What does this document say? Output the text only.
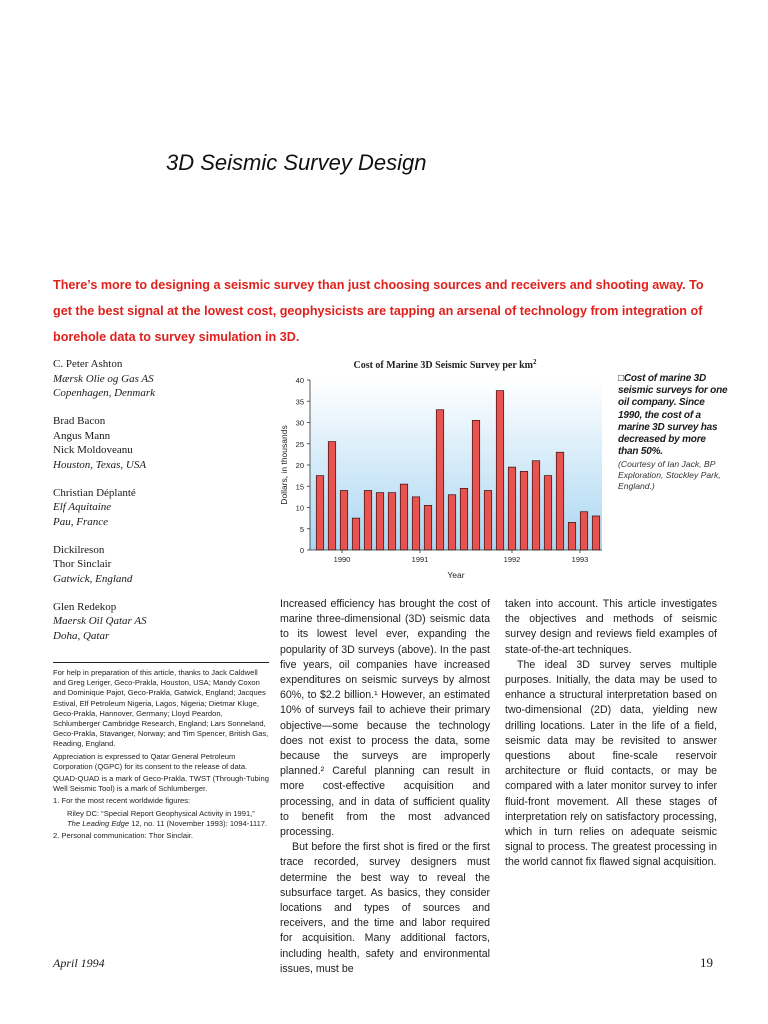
3D Seismic Survey Design
There’s more to designing a seismic survey than just choosing sources and receivers and shooting away. To
get the best signal at the lowest cost, geophysicists are tapping an arsenal of technology from integration of
borehole data to survey simulation in 3D.
C. Peter Ashton
Mærsk Olie og Gas AS
Copenhagen, Denmark
Brad Bacon
Angus Mann
Nick Moldoveanu
Houston, Texas, USA
Christian Déplanté
Elf Aquitaine
Pau, France
Dickilreson
Thor Sinclair
Gatwick, England
Glen Redekop
Maersk Oil Qatar AS
Doha, Qatar
For help in preparation of this article, thanks to Jack Caldwell and Greg Leriger, Geco-Prakla, Houston, USA; Mandy Coxon and Dominique Pajot, Geco-Prakla, Gatwick, England; Jacques Estival, Elf Petroleum Nigeria, Lagos, Nigeria; Dietmar Kluge, Geco-Prakla, Hannover, Germany; Lloyd Peardon, Schlumberger Cambridge Research, England; Lars Sonneland, Geco-Prakla, Stavanger, Norway; and Tim Spencer, British Gas, Reading, England.
Appreciation is expressed to Qatar General Petroleum Corporation (QGPC) for its consent to the release of data.
QUAD-QUAD is a mark of Geco-Prakla. TWST (Through-Tubing Well Seismic Tool) is a mark of Schlumberger.
1. For the most recent worldwide figures:
Riley DC: “Special Report Geophysical Activity in 1991,” The Leading Edge 12, no. 11 (November 1993): 1094-1117.
2. Personal communication: Thor Sinclair.
Cost of Marine 3D Seismic Survey per $km^2$
0
5
10
15
20
25
30
35
40
1990	1991	1992	1993
Dollars, in thousands
Year
□Cost of marine 3D seismic surveys for one oil company. Since 1990, the cost of a marine 3D survey has decreased by more than 50%.
(Courtesy of Ian Jack, BP Exploration, Stockley Park, England.)

Increased efficiency has brought the cost of marine three-dimensional (3D) seismic data to its lowest level ever, expanding the popularity of 3D surveys (above). In the past five years, oil companies have increased expenditures on seismic surveys by almost 60%, to $2.2 billion.¹ However, an estimated 10% of surveys fail to achieve their primary objective—some because the technology does not exist to process the data, some because the surveys are improperly planned.² Careful planning can result in more cost-effective acquisition and processing, and in data of sufficient quality to benefit from the most advanced processing.

But before the first shot is fired or the first trace recorded, survey designers must determine the best way to reveal the subsurface target. As basics, they consider locations and types of sources and receivers, and the time and labor required for acquisition. Many additional factors, including health, safety and environmental issues, must be

taken into account. This article investigates the objectives and methods of seismic survey design and reviews field examples of state-of-the-art techniques.

The ideal 3D survey serves multiple purposes. Initially, the data may be used to enhance a structural interpretation based on two-dimensional (2D) data, yielding new drilling locations. Later in the life of a field, seismic data may be revisited to answer questions about fine-scale reservoir architecture or fluid contacts, or may be compared with a later monitor survey to infer fluid-front movement. All these stages of interpretation rely on satisfactory processing, which in turn relies on adequate seismic signal to process. The greatest processing in the world cannot fix flawed signal acquisition.

April 1994	19
